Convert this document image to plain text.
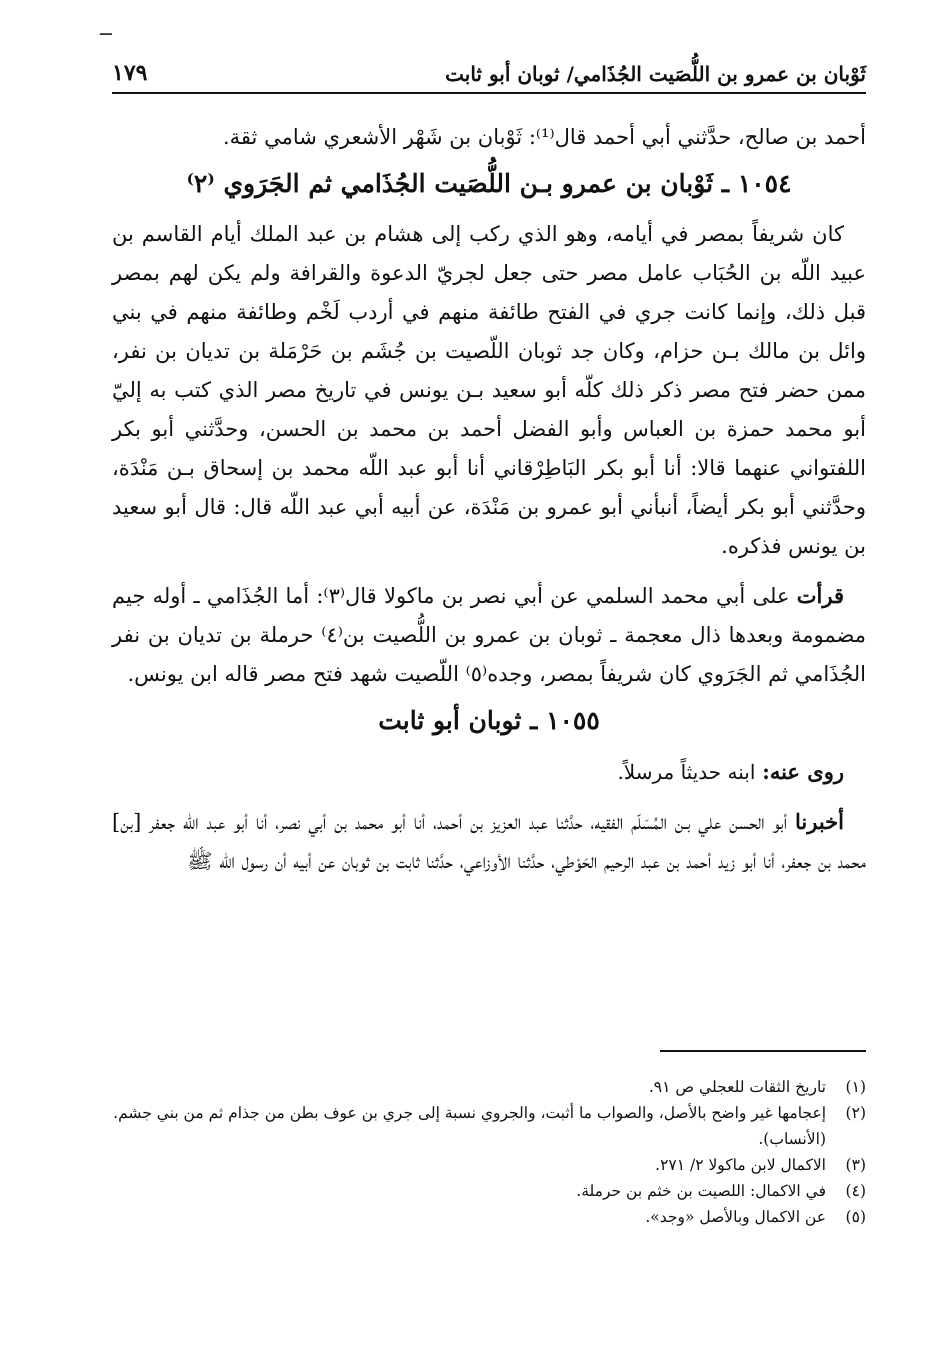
ــ
ثَوْبان بن عمرو بن اللُّصَيت الجُذَامي/ ثوبان أبو ثابت
١٧٩

أحمد بن صالح، حدَّثني أبي أحمد قال⁽¹⁾: ثَوْبان بن شَهْر الأشعري شامي ثقة.

١٠٥٤ ـ ثَوْبان بن عمرو بـن اللُّصَيت الجُذَامي ثم الجَرَوي ⁽٢⁾

كان شريفاً بمصر في أيامه، وهو الذي ركب إلى هشام بن عبد الملك أيام القاسم بن عبيد اللّه بن الحُبَاب عامل مصر حتى جعل لجريّ الدعوة والقرافة ولم يكن لهم بمصر قبل ذلك، وإنما كانت جري في الفتح طائفة منهم في أردب لَخْم وطائفة منهم في بني وائل بن مالك بـن حزام، وكان جد ثوبان اللّصيت بن جُشَم بن حَرْمَلة بن تديان بن نفر، ممن حضر فتح مصر ذكر ذلك كلّه أبو سعيد بـن يونس في تاريخ مصر الذي كتب به إليّ أبو محمد حمزة بن العباس وأبو الفضل أحمد بن محمد بن الحسن، وحدَّثني أبو بكر اللفتواني عنهما قالا: أنا أبو بكر البَاطِرْقاني أنا أبو عبد اللّه محمد بن إسحاق بـن مَنْدَة، وحدَّثني أبو بكر أيضاً، أنبأني أبو عمرو بن مَنْدَة، عن أبيه أبي عبد اللّه قال: قال أبو سعيد بن يونس فذكره.

قرأت على أبي محمد السلمي عن أبي نصر بن ماكولا قال⁽٣⁾: أما الجُذَامي ـ أوله جيم مضمومة وبعدها ذال معجمة ـ ثوبان بن عمرو بن اللُّصيت بن⁽٤⁾ حرملة بن تديان بن نفر الجُذَامي ثم الجَرَوي كان شريفاً بمصر، وجده⁽٥⁾ اللّصيت شهد فتح مصر قاله ابن يونس.

١٠٥٥ ـ ثوبان أبو ثابت

روى عنه: ابنه حديثاً مرسلاً.

أخبرنا أبو الحسن علي بـن المُسَلّم الفقيه، حدَّثنا عبد العزيز بن أحمد، أنا أبو محمد بن أبي نصر، أنا أبو عبد اللّه جعفر [بن] محمد بن جعفر، أنا أبو زيد أحمد بن عبد الرحيم الحَوْطي، حدَّثنا الأوزاعي، حدَّثنا ثابت بن ثوبان عن أبيه أن رسول الله ﷺ

(١)
تاريخ الثقات للعجلي ص ٩١.
(٢)
إعجامها غير واضح بالأصل، والصواب ما أثبت، والجروي نسبة إلى جري بن عوف بطن من جذام ثم من بني جشم. (الأنساب).
(٣)
الاكمال لابن ماكولا ٢/ ٢٧١.
(٤)
في الاكمال: اللصيت بن خثم بن حرملة.
(٥)
عن الاكمال وبالأصل «وجد».
